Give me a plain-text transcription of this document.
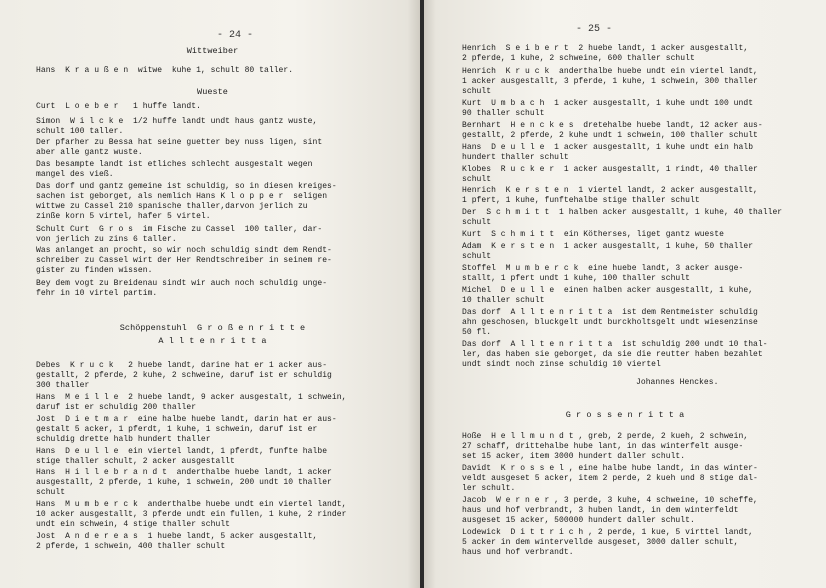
- 24 -
Wittweiber
Hans  K r a u ß e n  witwe  kuhe 1, schult 80 taller.
Wueste
Curt  L o e b e r   1 huffe landt.
Simon  W i l c k e  1/2 huffe landt undt haus gantz wuste,
schult 100 taller.
Der pfarher zu Bessa hat seine guetter bey nuss ligen, sint
aber alle gantz wuste.
Das besampte landt ist etliches schlecht ausgestalt wegen
mangel des vieß.
Das dorf und gantz gemeine ist schuldig, so in diesen kreiges-
sachen ist geborget, als nemlich Hans K l o p p e r  seligen
wittwe zu Cassel 210 spanische thaller,darvon jerlich zu
zinße korn 5 virtel, hafer 5 virtel.
Schult Curt  G r o s  im Fische zu Cassel  100 taller, dar-
von jerlich zu zins 6 taller.
Was anlanget an procht, so wir noch schuldig sindt dem Rendt-
schreiber zu Cassel wirt der Her Rendtschreiber in seinem re-
gister zu finden wissen.
Bey dem vogt zu Breidenau sindt wir auch noch schuldig unge-
fehr in 10 virtel partim.
Schöppenstuhl  G r o ß e n r i t t e
A l l t e n r i t t a
Debes  K r u c k   2 huebe landt, darine hat er 1 acker aus-
gestallt, 2 pferde, 2 kuhe, 2 schweine, daruf ist er schuldig
300 thaller
Hans  M e i l l e  2 huebe landt, 9 acker ausgestalt, 1 schwein,
daruf ist er schuldig 200 thaller
Jost  D i e t m a r  eine halbe huebe landt, darin hat er aus-
gestalt 5 acker, 1 pferdt, 1 kuhe, 1 schwein, daruf ist er
schuldig drette halb hundert thaller
Hans  D e u l l e  ein viertel landt, 1 pferdt, funfte halbe
stige thaller schult, 2 acker ausgestallt
Hans  H i l l e b r a n d t  anderthalbe huebe landt, 1 acker
ausgestallt, 2 pferde, 1 kuhe, 1 schwein, 200 undt 10 thaller
schult
Hans  M u m b e r c k  anderthalbe huebe undt ein viertel landt,
10 acker ausgestallt, 3 pferde undt ein fullen, 1 kuhe, 2 rinder
undt ein schwein, 4 stige thaller schult
Jost  A n d e r e a s  1 huebe landt, 5 acker ausgestallt,
2 pferde, 1 schwein, 400 thaller schult
- 25 -
Henrich  S e i b e r t  2 huebe landt, 1 acker ausgestallt,
2 pferde, 1 kuhe, 2 schweine, 600 thaller schult
Henrich  K r u c k  anderthalbe huebe undt ein viertel landt,
1 acker ausgestallt, 3 pferde, 1 kuhe, 1 schwein, 300 thaller
schult
Kurt  U m b a c h  1 acker ausgestallt, 1 kuhe undt 100 undt
90 thaller schult
Bernhart  H e n c k e s  dretehalbe huebe landt, 12 acker aus-
gestallt, 2 pferde, 2 kuhe undt 1 schwein, 100 thaller schult
Hans  D e u l l e  1 acker ausgestallt, 1 kuhe undt ein halb
hundert thaller schult
Klobes  R u c k e r  1 acker ausgestallt, 1 rindt, 40 thaller
schult
Henrich  K e r s t e n  1 viertel landt, 2 acker ausgestallt,
1 pfert, 1 kuhe, funftehalbe stige thaller schult
Der  S c h m i t t  1 halben acker ausgestallt, 1 kuhe, 40 thaller
schult
Kurt  S c h m i t t  ein Kötherses, liget gantz wueste
Adam  K e r s t e n  1 acker ausgestallt, 1 kuhe, 50 thaller
schult
Stoffel  M u m b e r c k  eine huebe landt, 3 acker ausge-
stallt, 1 pfert undt 1 kuhe, 100 thaller schult
Michel  D e u l l e  einen halben acker ausgestallt, 1 kuhe,
10 thaller schult
Das dorf  A l l t e n r i t t a  ist dem Rentmeister schuldig
ahn geschosen, bluckgelt undt burckholtsgelt undt wiesenzinse
50 fl.
Das dorf  A l l t e n r i t t a  ist schuldig 200 undt 10 thal-
ler, das haben sie geborget, da sie die reutter haben bezahlet
undt sindt noch zinse schuldig 10 viertel
Johannes Henckes.
G r o s s e n r i t t a
Hoße  H e l l m u n d t , greb, 2 perde, 2 kueh, 2 schwein,
27 schaff, drittehalbe hube lant, in das winterfelt ausge-
set 15 acker, item 3000 hundert daller schult.
Davidt  K r o s s e l , eine halbe hube landt, in das winter-
veldt ausgeset 5 acker, item 2 perde, 2 kueh und 8 stige dal-
ler schult.
Jacob  W e r n e r , 3 perde, 3 kuhe, 4 schweine, 10 scheffe,
haus und hof verbrandt, 3 huben landt, in dem winterfeldt
ausgeset 15 acker, 500000 hundert daller schult.
Lodewick  D i t t r i c h , 2 perde, 1 kue, 5 virttel landt,
5 acker in dem wintervellde ausgeset, 3000 daller schult,
haus und hof verbrandt.
